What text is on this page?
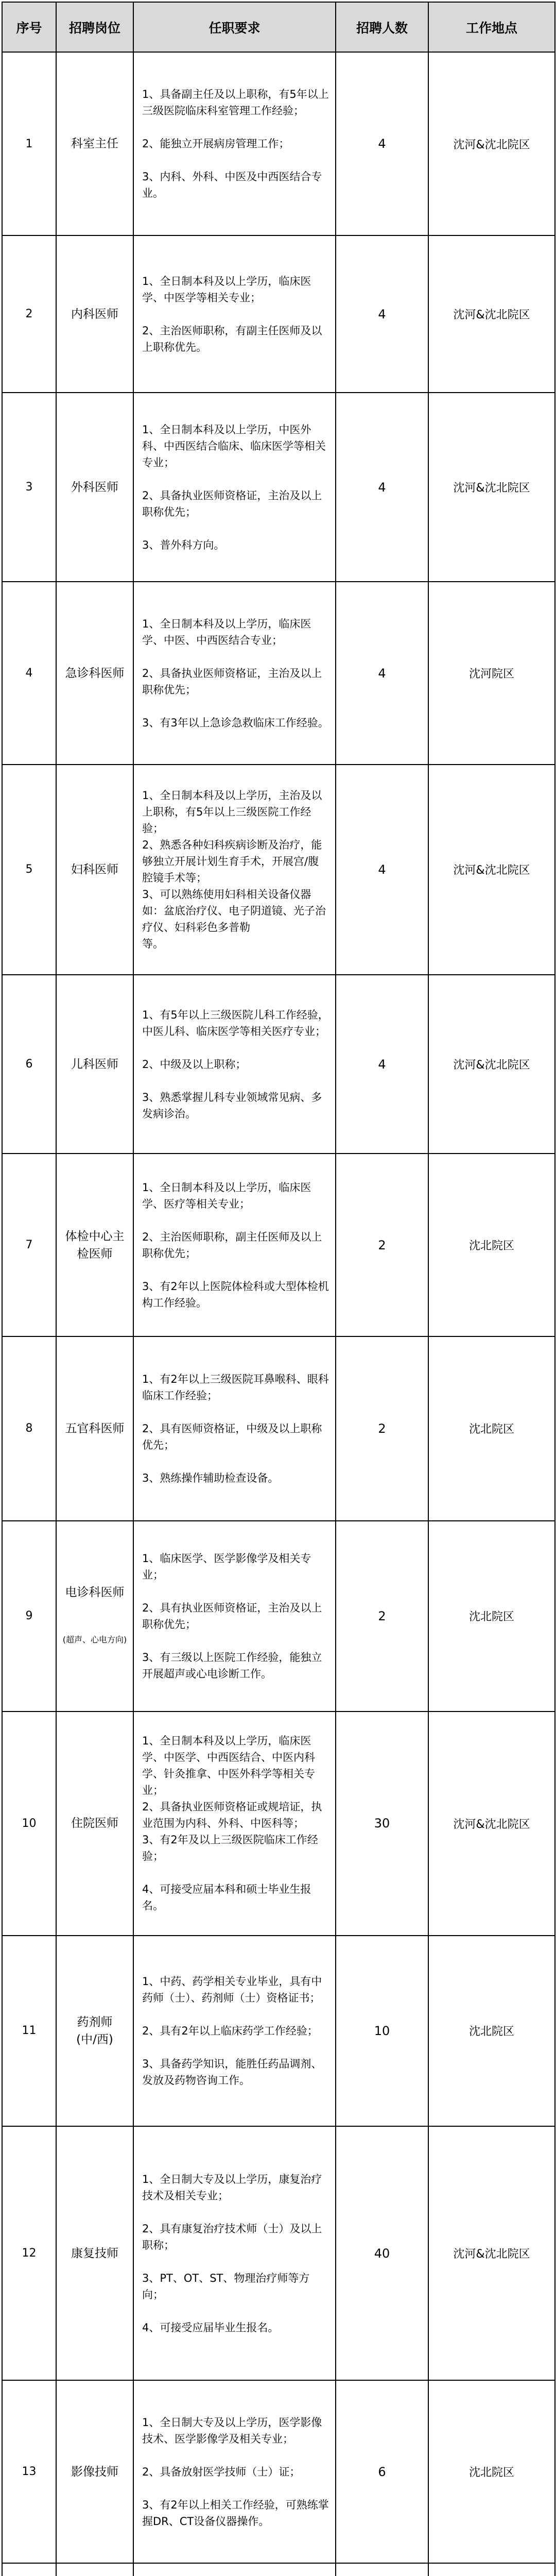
序号	招聘岗位	任职要求	招聘人数	工作地点
1	科室主任	1、具备副主任及以上职称，有5年以上三级医院临床科室管理工作经验；
2、能独立开展病房管理工作；
3、内科、外科、中医及中西医结合专业。	4	沈河&沈北院区
2	内科医师	1、全日制本科及以上学历，临床医学、中医学等相关专业；
2、主治医师职称，有副主任医师及以上职称优先。	4	沈河&沈北院区
3	外科医师	1、全日制本科及以上学历，中医外科、中西医结合临床、临床医学等相关专业；
2、具备执业医师资格证，主治及以上职称优先；
3、普外科方向。	4	沈河&沈北院区
4	急诊科医师	1、全日制本科及以上学历，临床医学、中医、中西医结合专业；
2、具备执业医师资格证，主治及以上职称优先；
3、有3年以上急诊急救临床工作经验。	4	沈河院区
5	妇科医师	1、全日制本科及以上学历，主治及以上职称，有5年以上三级医院工作经验；
2、熟悉各种妇科疾病诊断及治疗，能够独立开展计划生育手术，开展宫/腹腔镜手术等；
3、可以熟练使用妇科相关设备仪器如：盆底治疗仪、电子阴道镜、光子治疗仪、妇科彩色多普勒
等。	4	沈河&沈北院区
6	儿科医师	1、有5年以上三级医院儿科工作经验，中医儿科、临床医学等相关医疗专业；
2、中级及以上职称；
3、熟悉掌握儿科专业领域常见病、多发病诊治。	4	沈河&沈北院区
7	体检中心主检医师	1、全日制本科及以上学历，临床医学、医疗等相关专业；
2、主治医师职称，副主任医师及以上职称优先；
3、有2年以上医院体检科或大型体检机构工作经验。	2	沈北院区
8	五官科医师	1、有2年以上三级医院耳鼻喉科、眼科临床工作经验；
2、具有医师资格证，中级及以上职称优先；
3、熟练操作辅助检查设备。	2	沈北院区
9	电诊科医师
(超声、心电方向)	1、临床医学、医学影像学及相关专业；
2、具有执业医师资格证，主治及以上职称优先；
3、有三级以上医院工作经验，能独立开展超声或心电诊断工作。	2	沈北院区
10	住院医师	1、全日制本科及以上学历，临床医学、中医学、中西医结合、中医内科学、针灸推拿、中医外科学等相关专业；
2、具备执业医师资格证或规培证，执业范围为内科、外科、中医科等；
3、有2年及以上三级医院临床工作经验；
4、可接受应届本科和硕士毕业生报名。	30	沈河&沈北院区
11	药剂师
(中/西)	1、中药、药学相关专业毕业，具有中药师（士）、药剂师（士）资格证书；
2、具有2年以上临床药学工作经验；
3、具备药学知识，能胜任药品调剂、发放及药物咨询工作。	10	沈北院区
12	康复技师	1、全日制大专及以上学历，康复治疗技术及相关专业；
2、具有康复治疗技术师（士）及以上职称；
3、PT、OT、ST、物理治疗师等方向；
4、可接受应届毕业生报名。	40	沈河&沈北院区
13	影像技师	1、全日制大专及以上学历，医学影像技术、医学影像学及相关专业；
2、具备放射医学技师（士）证；
3、有2年以上相关工作经验，可熟练掌握DR、CT设备仪器操作。	6	沈北院区
